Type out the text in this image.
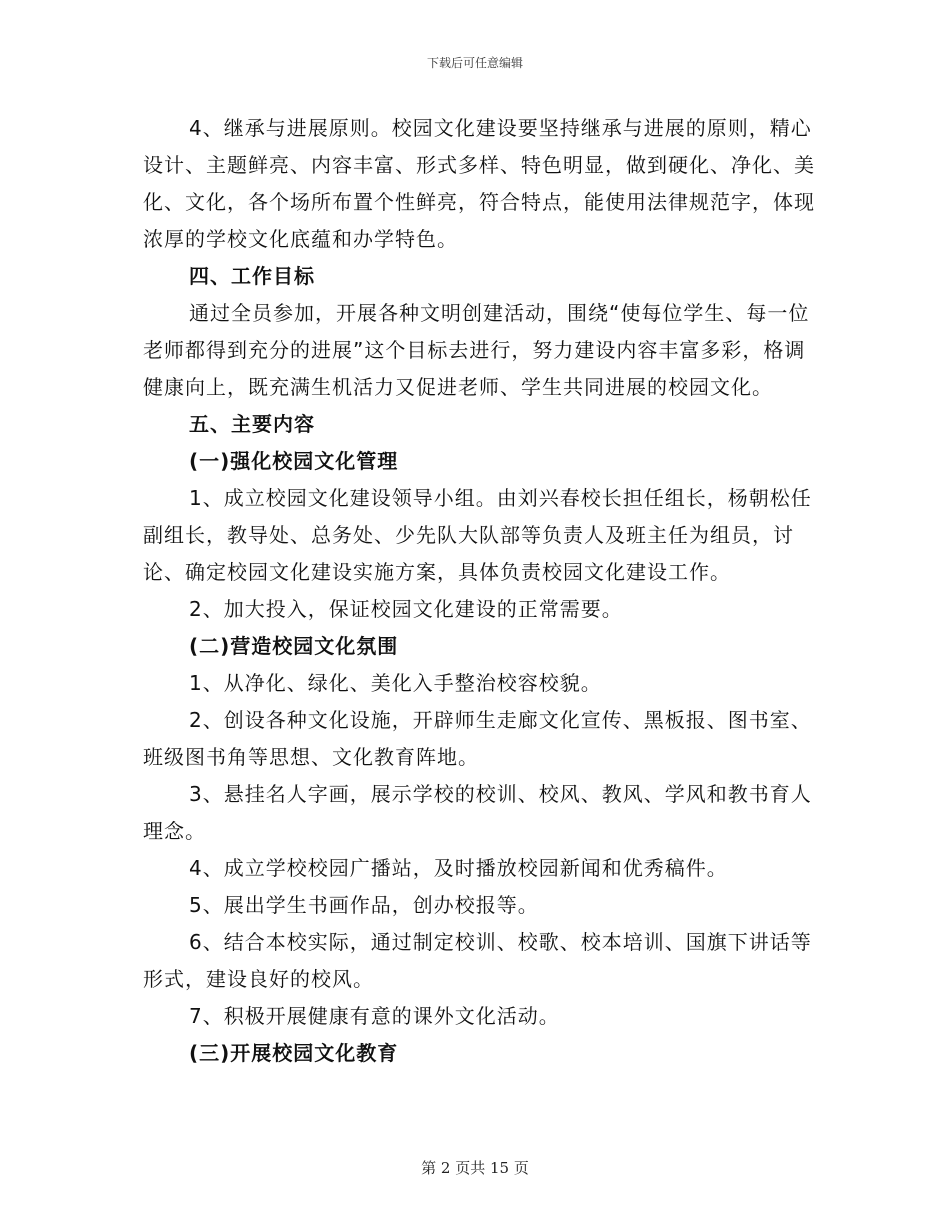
下载后可任意编辑

4、继承与进展原则。校园文化建设要坚持继承与进展的原则，精心设计、主题鲜亮、内容丰富、形式多样、特色明显，做到硬化、净化、美化、文化，各个场所布置个性鲜亮，符合特点，能使用法律规范字，体现浓厚的学校文化底蕴和办学特色。

四、工作目标

通过全员参加，开展各种文明创建活动，围绕“使每位学生、每一位老师都得到充分的进展”这个目标去进行，努力建设内容丰富多彩，格调健康向上，既充满生机活力又促进老师、学生共同进展的校园文化。

五、主要内容

(一)强化校园文化管理

1、成立校园文化建设领导小组。由刘兴春校长担任组长，杨朝松任副组长，教导处、总务处、少先队大队部等负责人及班主任为组员，讨论、确定校园文化建设实施方案，具体负责校园文化建设工作。

2、加大投入，保证校园文化建设的正常需要。

(二)营造校园文化氛围

1、从净化、绿化、美化入手整治校容校貌。

2、创设各种文化设施，开辟师生走廊文化宣传、黑板报、图书室、班级图书角等思想、文化教育阵地。

3、悬挂名人字画，展示学校的校训、校风、教风、学风和教书育人理念。

4、成立学校校园广播站，及时播放校园新闻和优秀稿件。

5、展出学生书画作品，创办校报等。

6、结合本校实际，通过制定校训、校歌、校本培训、国旗下讲话等形式，建设良好的校风。

7、积极开展健康有意的课外文化活动。

(三)开展校园文化教育

第 2 页共 15 页
